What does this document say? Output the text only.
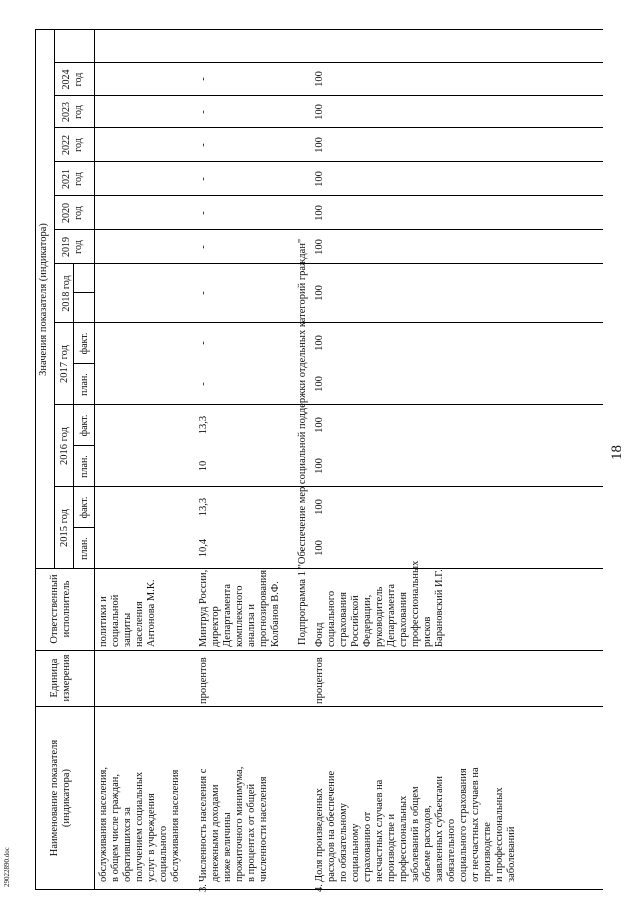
18
29022890.doc
Наименование показателя (индикатора)
Единица измерения
Ответственный исполнитель
Значения показателя (индикатора)
2015 год
2016 год
2017 год
план.
факт.
план.
факт.
план.
факт.
2018 год
2019 год
2020 год
2021 год
2022 год
2023 год
2024 год
обслуживания населения, в общем числе граждан, обратившихся за получением социальных услуг в учреждения социального обслуживания населения
политики и социальной защиты населения Антонова М.К.
3.
Численность населения с денежными доходами ниже величины прожиточного минимума, в процентах от общей численности населения
процентов
Минтруд России, директор Департамента комплексного анализа и прогнозирования Колбанов В.Ф.
10,4
13,3
10
13,3
-
-
-
-
-
-
-
-
-
Подпрограмма 1 "Обеспечение мер социальной поддержки отдельных категорий граждан"
4.
Доля произведенных расходов на обеспечение по обязательному социальному страхованию от несчастных случаев на производстве и профессиональных заболеваний в общем объеме расходов, заявленных субъектами обязательного социального страхования от несчастных случаев на производстве и профессиональных заболеваний
процентов
Фонд социального страхования Российской Федерации, руководитель Департамента страхования профессиональных рисков Барановский И.Г.
100
100
100
100
100
100
100
100
100
100
100
100
100
